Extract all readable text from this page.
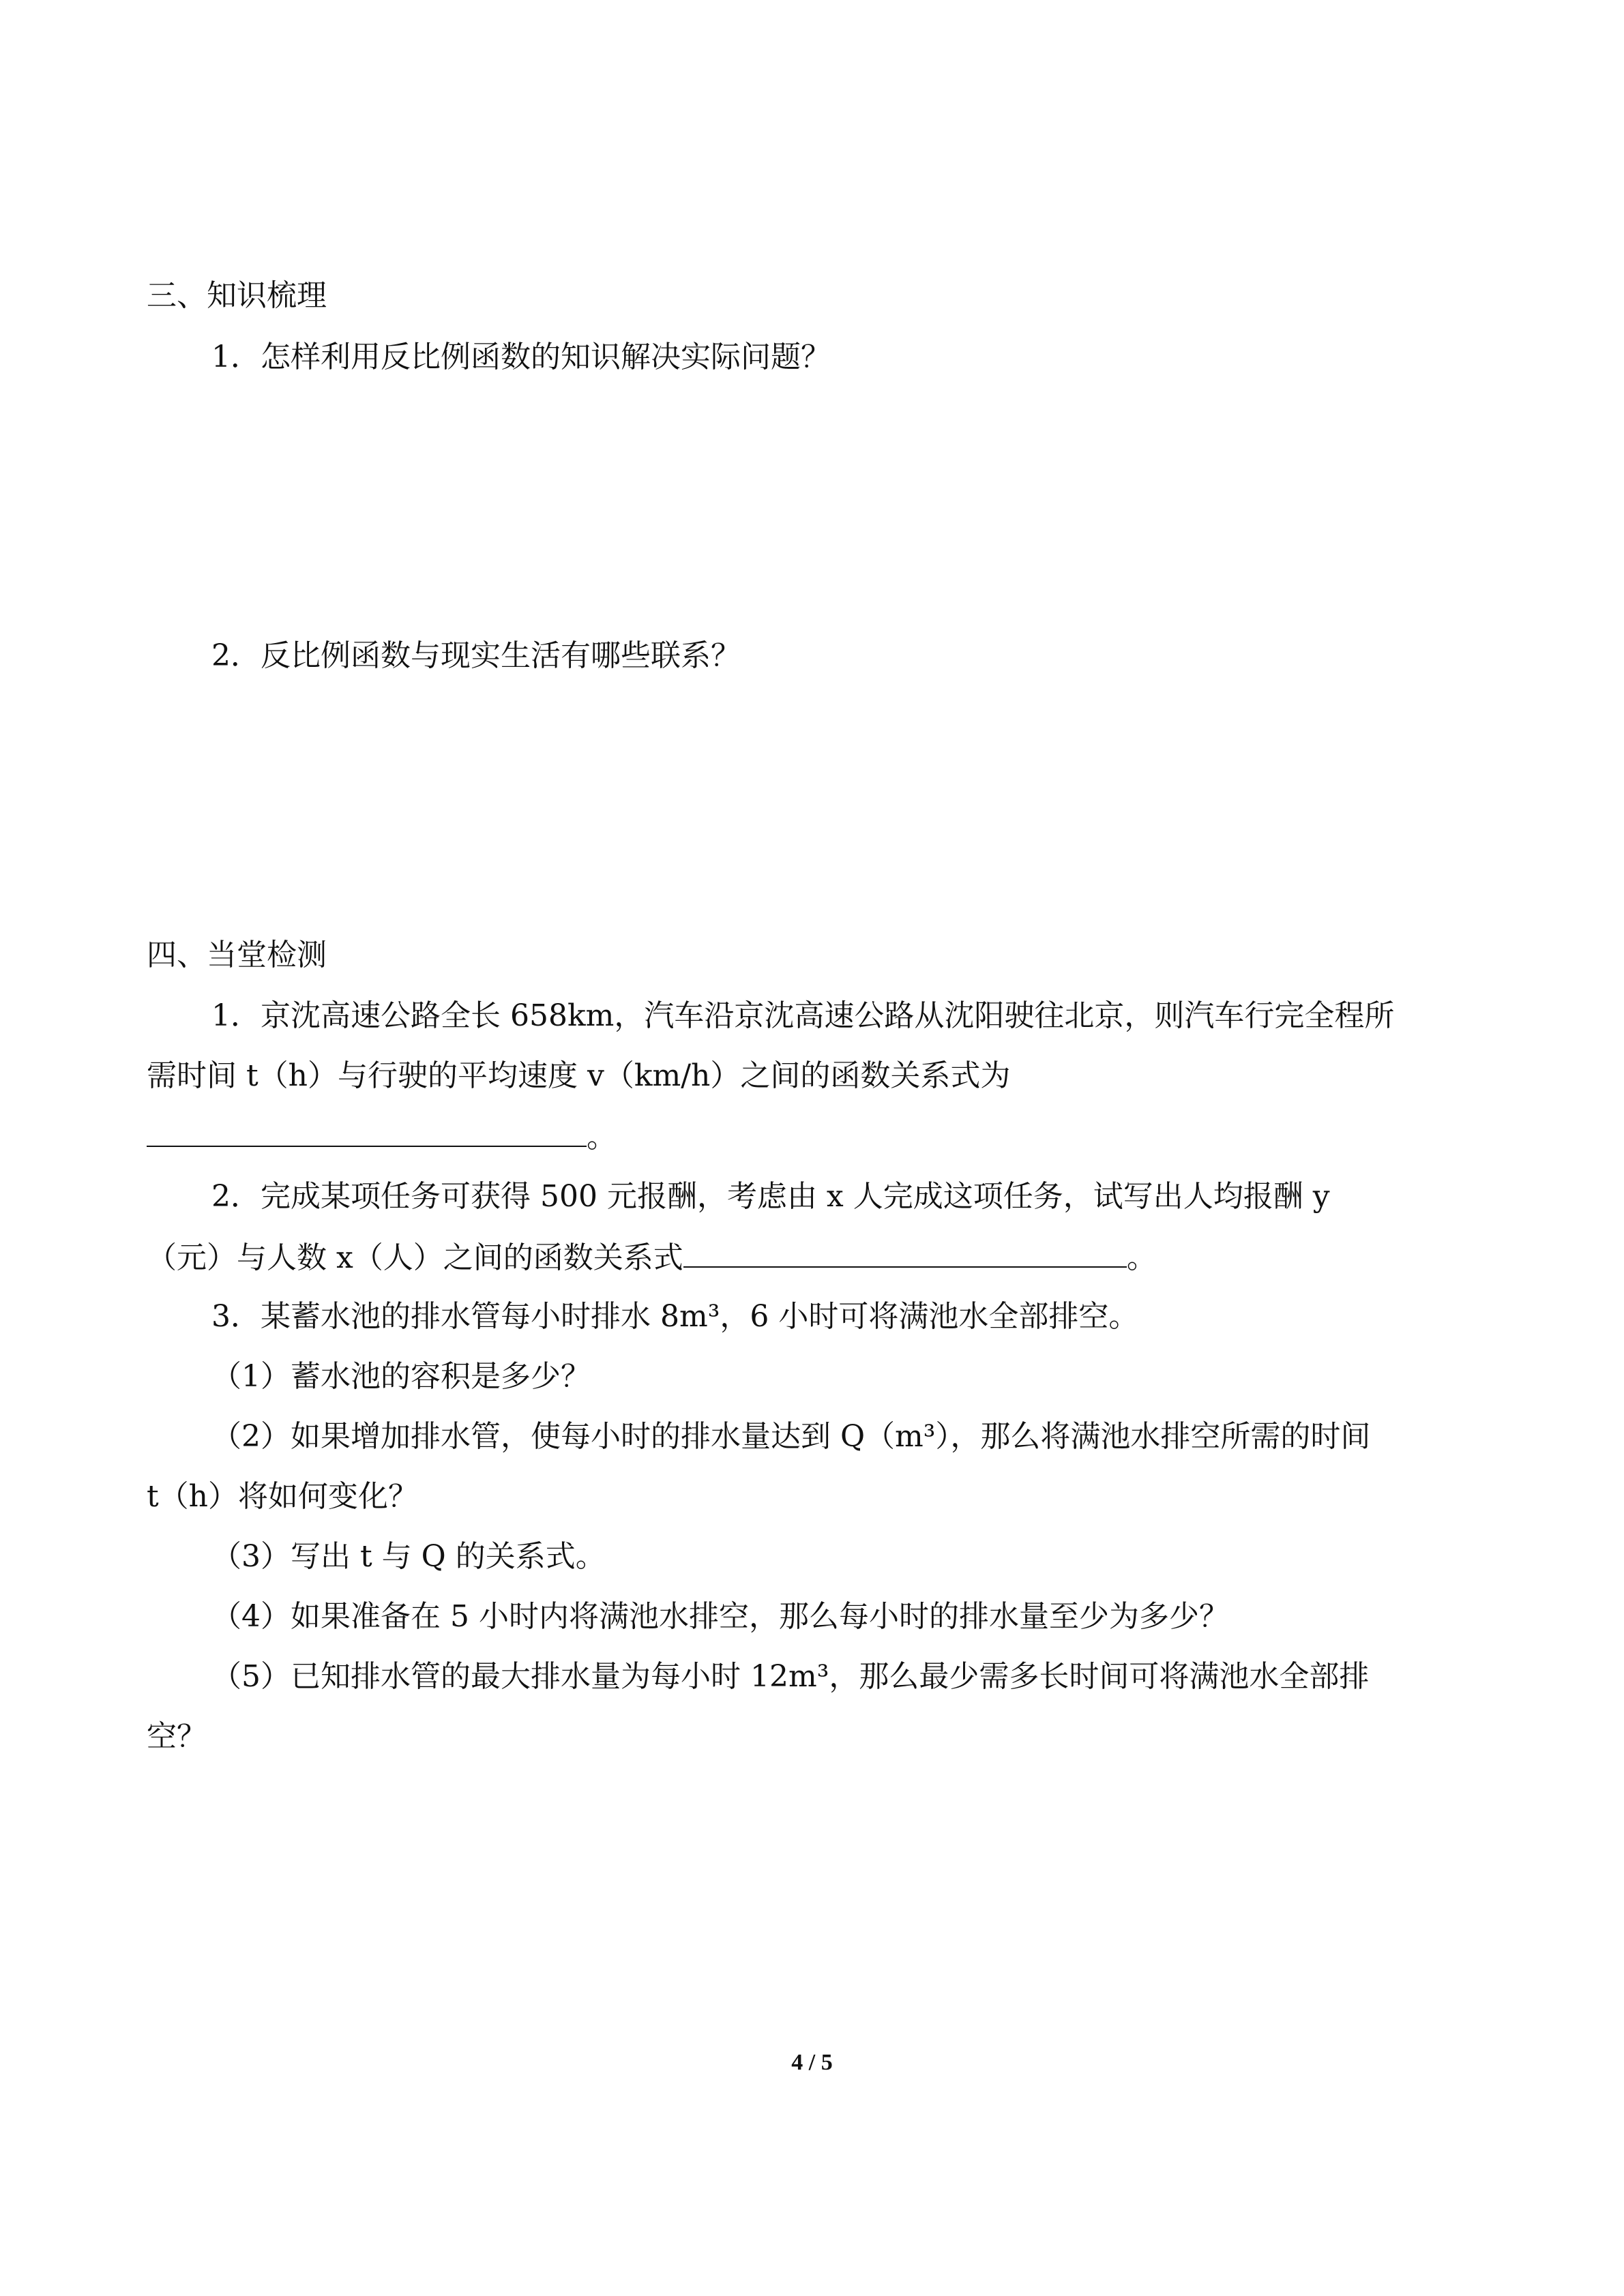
三、知识梳理

1．怎样利用反比例函数的知识解决实际问题？

2．反比例函数与现实生活有哪些联系？

四、当堂检测

1．京沈高速公路全长 658km，汽车沿京沈高速公路从沈阳驶往北京，则汽车行完全程所

需时间 t（h）与行驶的平均速度 v（km/h）之间的函数关系式为

。

2．完成某项任务可获得 500 元报酬，考虑由 x 人完成这项任务，试写出人均报酬 y

（元）与人数 x（人）之间的函数关系式	。

3．某蓄水池的排水管每小时排水 8m³，6 小时可将满池水全部排空。

（1）蓄水池的容积是多少？

（2）如果增加排水管，使每小时的排水量达到 Q（m³），那么将满池水排空所需的时间

t（h）将如何变化？

（3）写出 t 与 Q 的关系式。

（4）如果准备在 5 小时内将满池水排空，那么每小时的排水量至少为多少？

（5）已知排水管的最大排水量为每小时 12m³，那么最少需多长时间可将满池水全部排

空？

4 / 5
